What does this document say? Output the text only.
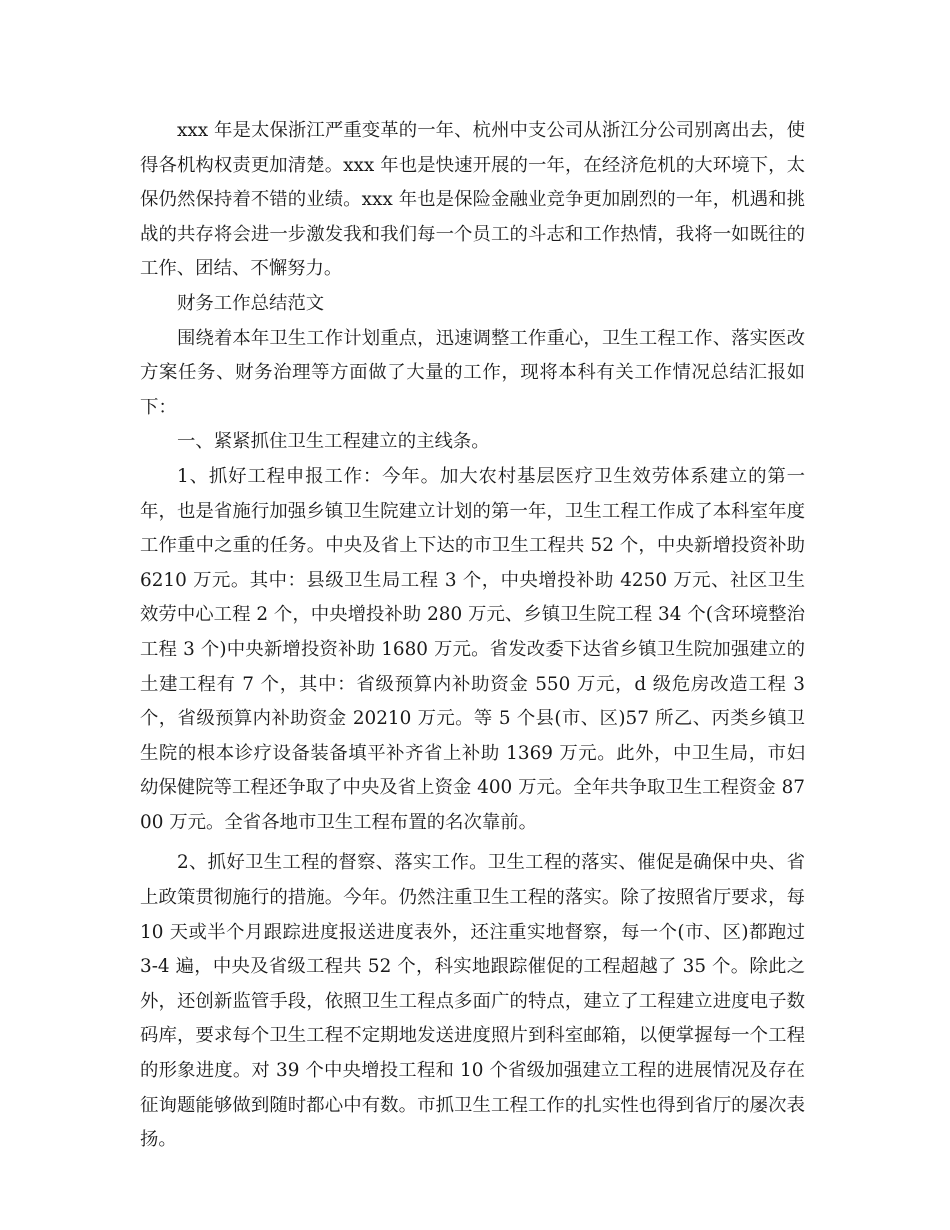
xxx 年是太保浙江严重变革的一年、杭州中支公司从浙江分公司别离出去，使得各机构权责更加清楚。xxx 年也是快速开展的一年，在经济危机的大环境下，太保仍然保持着不错的业绩。xxx 年也是保险金融业竞争更加剧烈的一年，机遇和挑战的共存将会进一步激发我和我们每一个员工的斗志和工作热情，我将一如既往的工作、团结、不懈努力。

财务工作总结范文

围绕着本年卫生工作计划重点，迅速调整工作重心，卫生工程工作、落实医改方案任务、财务治理等方面做了大量的工作，现将本科有关工作情况总结汇报如下：

一、紧紧抓住卫生工程建立的主线条。

1、抓好工程申报工作：今年。加大农村基层医疗卫生效劳体系建立的第一年，也是省施行加强乡镇卫生院建立计划的第一年，卫生工程工作成了本科室年度工作重中之重的任务。中央及省上下达的市卫生工程共 52 个，中央新增投资补助 6210 万元。其中：县级卫生局工程 3 个，中央增投补助 4250 万元、社区卫生效劳中心工程 2 个，中央增投补助 280 万元、乡镇卫生院工程 34 个(含环境整治工程 3 个)中央新增投资补助 1680 万元。省发改委下达省乡镇卫生院加强建立的土建工程有 7 个，其中：省级预算内补助资金 550 万元，d 级危房改造工程 3 个，省级预算内补助资金 20210 万元。等 5 个县(市、区)57 所乙、丙类乡镇卫生院的根本诊疗设备装备填平补齐省上补助 1369 万元。此外，中卫生局，市妇幼保健院等工程还争取了中央及省上资金 400 万元。全年共争取卫生工程资金 8700 万元。全省各地市卫生工程布置的名次靠前。

2、抓好卫生工程的督察、落实工作。卫生工程的落实、催促是确保中央、省上政策贯彻施行的措施。今年。仍然注重卫生工程的落实。除了按照省厅要求，每 10 天或半个月跟踪进度报送进度表外，还注重实地督察，每一个(市、区)都跑过 3-4 遍，中央及省级工程共 52 个，科实地跟踪催促的工程超越了 35 个。除此之外，还创新监管手段，依照卫生工程点多面广的特点，建立了工程建立进度电子数码库，要求每个卫生工程不定期地发送进度照片到科室邮箱，以便掌握每一个工程的形象进度。对 39 个中央增投工程和 10 个省级加强建立工程的进展情况及存在征询题能够做到随时都心中有数。市抓卫生工程工作的扎实性也得到省厅的屡次表扬。
